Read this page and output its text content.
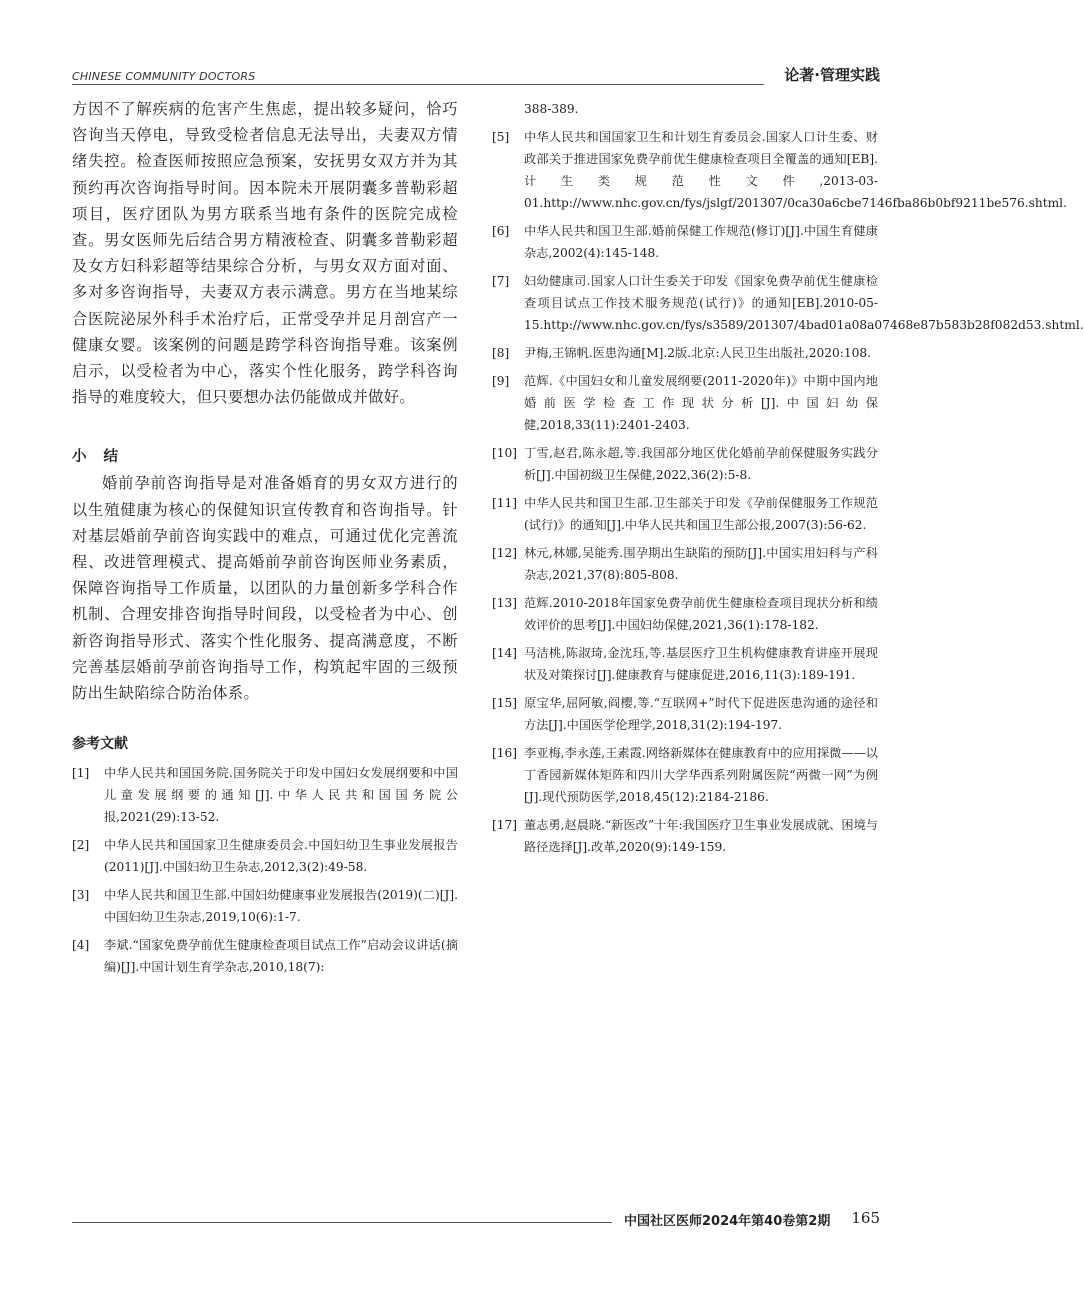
CHINESE COMMUNITY DOCTORS	论著·管理实践

方因不了解疾病的危害产生焦虑，提出较多疑问，恰巧咨询当天停电，导致受检者信息无法导出，夫妻双方情绪失控。检查医师按照应急预案，安抚男女双方并为其预约再次咨询指导时间。因本院未开展阴囊多普勒彩超项目，医疗团队为男方联系当地有条件的医院完成检查。男女医师先后结合男方精液检查、阴囊多普勒彩超及女方妇科彩超等结果综合分析，与男女双方面对面、多对多咨询指导，夫妻双方表示满意。男方在当地某综合医院泌尿外科手术治疗后，正常受孕并足月剖宫产一健康女婴。该案例的问题是跨学科咨询指导难。该案例启示，以受检者为中心，落实个性化服务，跨学科咨询指导的难度较大，但只要想办法仍能做成并做好。

小 结

婚前孕前咨询指导是对准备婚育的男女双方进行的以生殖健康为核心的保健知识宣传教育和咨询指导。针对基层婚前孕前咨询实践中的难点，可通过优化完善流程、改进管理模式、提高婚前孕前咨询医师业务素质，保障咨询指导工作质量，以团队的力量创新多学科合作机制、合理安排咨询指导时间段，以受检者为中心、创新咨询指导形式、落实个性化服务、提高满意度，不断完善基层婚前孕前咨询指导工作，构筑起牢固的三级预防出生缺陷综合防治体系。

参考文献
[1]	中华人民共和国国务院.国务院关于印发中国妇女发展纲要和中国儿童发展纲要的通知[J].中华人民共和国国务院公报,2021(29):13-52.
[2]	中华人民共和国国家卫生健康委员会.中国妇幼卫生事业发展报告(2011)[J].中国妇幼卫生杂志,2012,3(2):49-58.
[3]	中华人民共和国卫生部.中国妇幼健康事业发展报告(2019)(二)[J].中国妇幼卫生杂志,2019,10(6):1-7.
[4]	李斌.“国家免费孕前优生健康检查项目试点工作”启动会议讲话(摘编)[J].中国计划生育学杂志,2010,18(7):

388-389.

[5]	中华人民共和国国家卫生和计划生育委员会.国家人口计生委、财政部关于推进国家免费孕前优生健康检查项目全覆盖的通知[EB].计生类规范性文件,2013-03-01.http://www.nhc.gov.cn/fys/jslgf/201307/0ca30a6cbe7146fba86b0bf9211be576.shtml.
[6]	中华人民共和国卫生部.婚前保健工作规范(修订)[J].中国生育健康杂志,2002(4):145-148.
[7]	妇幼健康司.国家人口计生委关于印发《国家免费孕前优生健康检查项目试点工作技术服务规范(试行)》的通知[EB].2010-05-15.http://www.nhc.gov.cn/fys/s3589/201307/4bad01a08a07468e87b583b28f082d53.shtml.
[8]	尹梅,王锦帆.医患沟通[M].2版.北京:人民卫生出版社,2020:108.
[9]	范辉.《中国妇女和儿童发展纲要(2011-2020年)》中期中国内地婚前医学检查工作现状分析[J].中国妇幼保健,2018,33(11):2401-2403.
[10] 丁雪,赵君,陈永超,等.我国部分地区优化婚前孕前保健服务实践分析[J].中国初级卫生保健,2022,36(2):5-8.
[11] 中华人民共和国卫生部.卫生部关于印发《孕前保健服务工作规范(试行)》的通知[J].中华人民共和国卫生部公报,2007(3):56-62.
[12] 林元,林娜,吴能秀.围孕期出生缺陷的预防[J].中国实用妇科与产科杂志,2021,37(8):805-808.
[13] 范辉.2010-2018年国家免费孕前优生健康检查项目现状分析和绩效评价的思考[J].中国妇幼保健,2021,36(1):178-182.
[14] 马洁桃,陈淑琦,金沈珏,等.基层医疗卫生机构健康教育讲座开展现状及对策探讨[J].健康教育与健康促进,2016,11(3):189-191.
[15] 原宝华,屈阿敏,阎樱,等.“互联网+”时代下促进医患沟通的途径和方法[J].中国医学伦理学,2018,31(2):194-197.
[16] 李亚梅,李永莲,王素霞.网络新媒体在健康教育中的应用探微——以丁香园新媒体矩阵和四川大学华西系列附属医院“两微一网”为例[J].现代预防医学,2018,45(12):2184-2186.
[17] 董志勇,赵晨晓.“新医改”十年:我国医疗卫生事业发展成就、困境与路径选择[J].改革,2020(9):149-159.
中国社区医师2024年第40卷第2期 165
